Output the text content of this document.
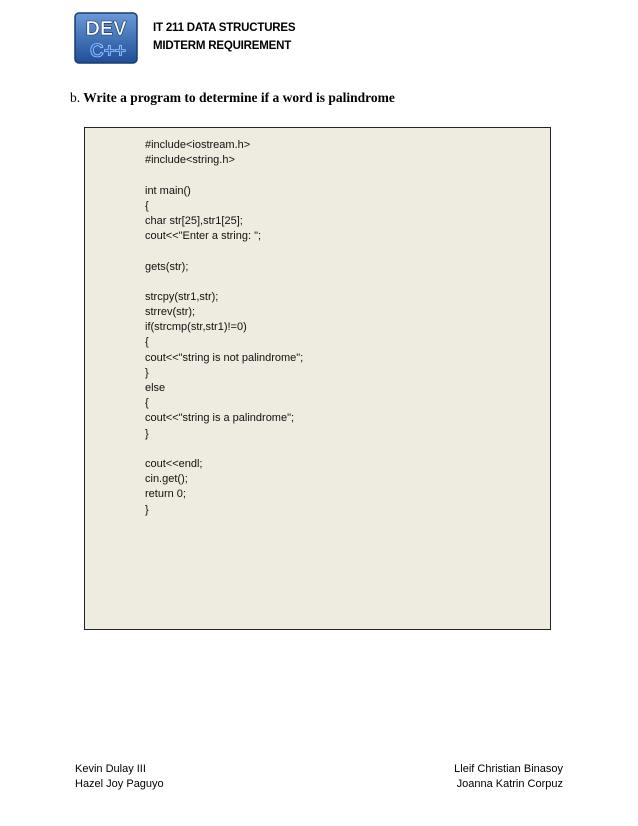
DEV
C++
IT 211 DATA STRUCTURES
MIDTERM REQUIREMENT
b. Write a program to determine if a word is palindrome
#include<iostream.h>
#include<string.h>
int main()
{
char str[25],str1[25];
cout<<"Enter a string: ";
gets(str);
strcpy(str1,str);
strrev(str);
if(strcmp(str,str1)!=0)
{
cout<<"string is not palindrome";
}
else
{
cout<<"string is a palindrome";
}
cout<<endl;
cin.get();
return 0;
}
Kevin Dulay III
Hazel Joy Paguyo
Lleif Christian Binasoy
Joanna Katrin Corpuz
